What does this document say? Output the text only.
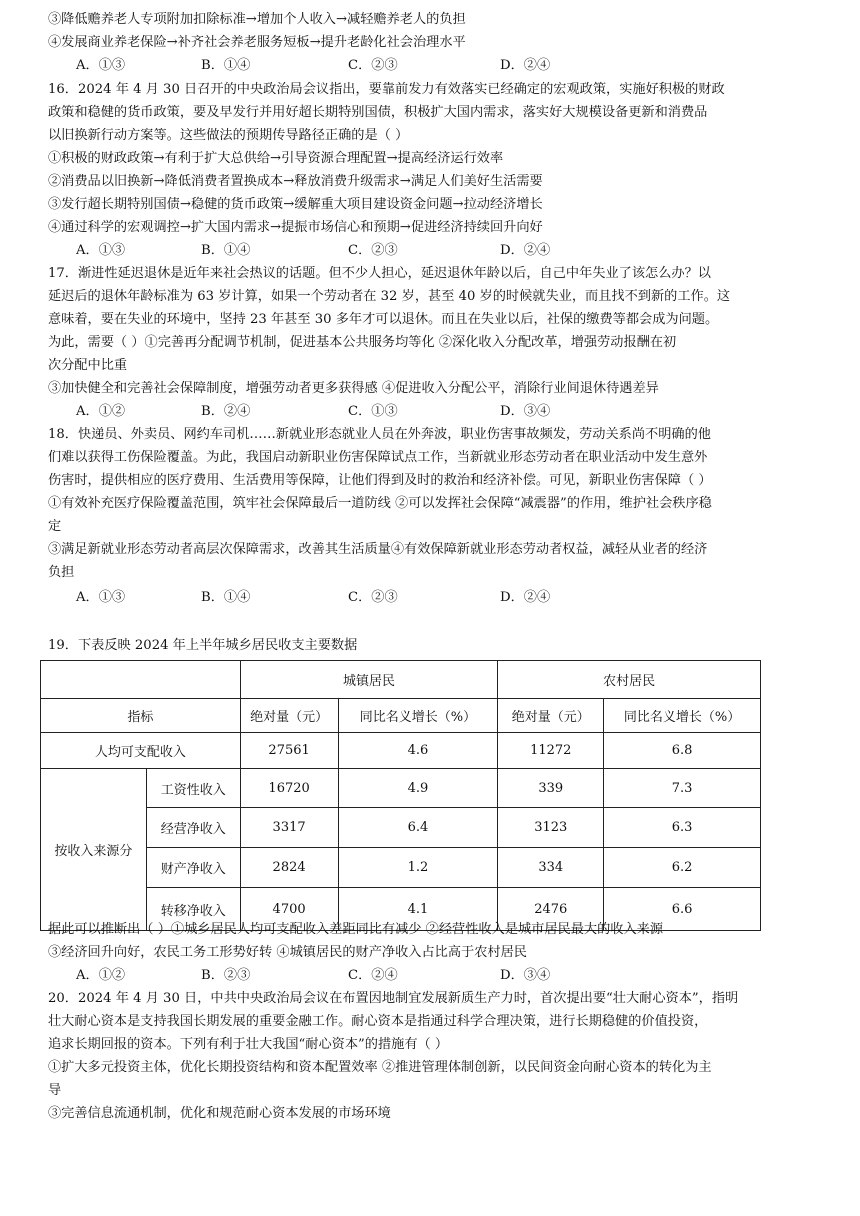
③降低赡养老人专项附加扣除标准→增加个人收入→减轻赡养老人的负担
④发展商业养老保险→补齐社会养老服务短板→提升老龄化社会治理水平
A．①③	B．①④	C．②③	D．②④
16．2024 年 4 月 30 日召开的中央政治局会议指出，要靠前发力有效落实已经确定的宏观政策，实施好积极的财政
政策和稳健的货币政策，要及早发行并用好超长期特别国债，积极扩大国内需求，落实好大规模设备更新和消费品
以旧换新行动方案等。这些做法的预期传导路径正确的是（ ）
①积极的财政政策→有利于扩大总供给→引导资源合理配置→提高经济运行效率
②消费品以旧换新→降低消费者置换成本→释放消费升级需求→满足人们美好生活需要
③发行超长期特别国债→稳健的货币政策→缓解重大项目建设资金问题→拉动经济增长
④通过科学的宏观调控→扩大国内需求→提振市场信心和预期→促进经济持续回升向好
A．①③	B．①④	C．②③	D．②④
17．渐进性延迟退休是近年来社会热议的话题。但不少人担心，延迟退休年龄以后，自己中年失业了该怎么办？以
延迟后的退休年龄标准为 63 岁计算，如果一个劳动者在 32 岁，甚至 40 岁的时候就失业，而且找不到新的工作。这
意味着，要在失业的环境中，坚持 23 年甚至 30 多年才可以退休。而且在失业以后，社保的缴费等都会成为问题。
为此，需要（ ）①完善再分配调节机制，促进基本公共服务均等化 ②深化收入分配改革，增强劳动报酬在初
次分配中比重
③加快健全和完善社会保障制度，增强劳动者更多获得感 ④促进收入分配公平，消除行业间退休待遇差异
A．①②	B．②④	C．①③	D．③④
18．快递员、外卖员、网约车司机……新就业形态就业人员在外奔波，职业伤害事故频发，劳动关系尚不明确的他
们难以获得工伤保险覆盖。为此，我国启动新职业伤害保障试点工作，当新就业形态劳动者在职业活动中发生意外
伤害时，提供相应的医疗费用、生活费用等保障，让他们得到及时的救治和经济补偿。可见，新职业伤害保障（ ）
①有效补充医疗保险覆盖范围，筑牢社会保障最后一道防线 ②可以发挥社会保障“减震器”的作用，维护社会秩序稳
定
③满足新就业形态劳动者高层次保障需求，改善其生活质量④有效保障新就业形态劳动者权益，减轻从业者的经济
负担
A．①③	B．①④	C．②③	D．②④
19．下表反映 2024 年上半年城乡居民收支主要数据
		城镇居民		农村居民	
指标		绝对量（元）	同比名义增长（%）	绝对量（元）	同比名义增长（%）
人均可支配收入		27561	4.6	11272	6.8
按收入来源分	工资性收入	16720	4.9	339	7.3
	经营净收入	3317	6.4	3123	6.3
	财产净收入	2824	1.2	334	6.2
	转移净收入	4700	4.1	2476	6.6
据此可以推断出（ ）①城乡居民人均可支配收入差距同比有减少 ②经营性收入是城市居民最大的收入来源
③经济回升向好，农民工务工形势好转 ④城镇居民的财产净收入占比高于农村居民
A．①②	B．②③	C．②④	D．③④
20．2024 年 4 月 30 日，中共中央政治局会议在布置因地制宜发展新质生产力时，首次提出要“壮大耐心资本”，指明
壮大耐心资本是支持我国长期发展的重要金融工作。耐心资本是指通过科学合理决策，进行长期稳健的价值投资，
追求长期回报的资本。下列有利于壮大我国“耐心资本”的措施有（ ）
①扩大多元投资主体，优化长期投资结构和资本配置效率 ②推进管理体制创新，以民间资金向耐心资本的转化为主
导
③完善信息流通机制，优化和规范耐心资本发展的市场环境
